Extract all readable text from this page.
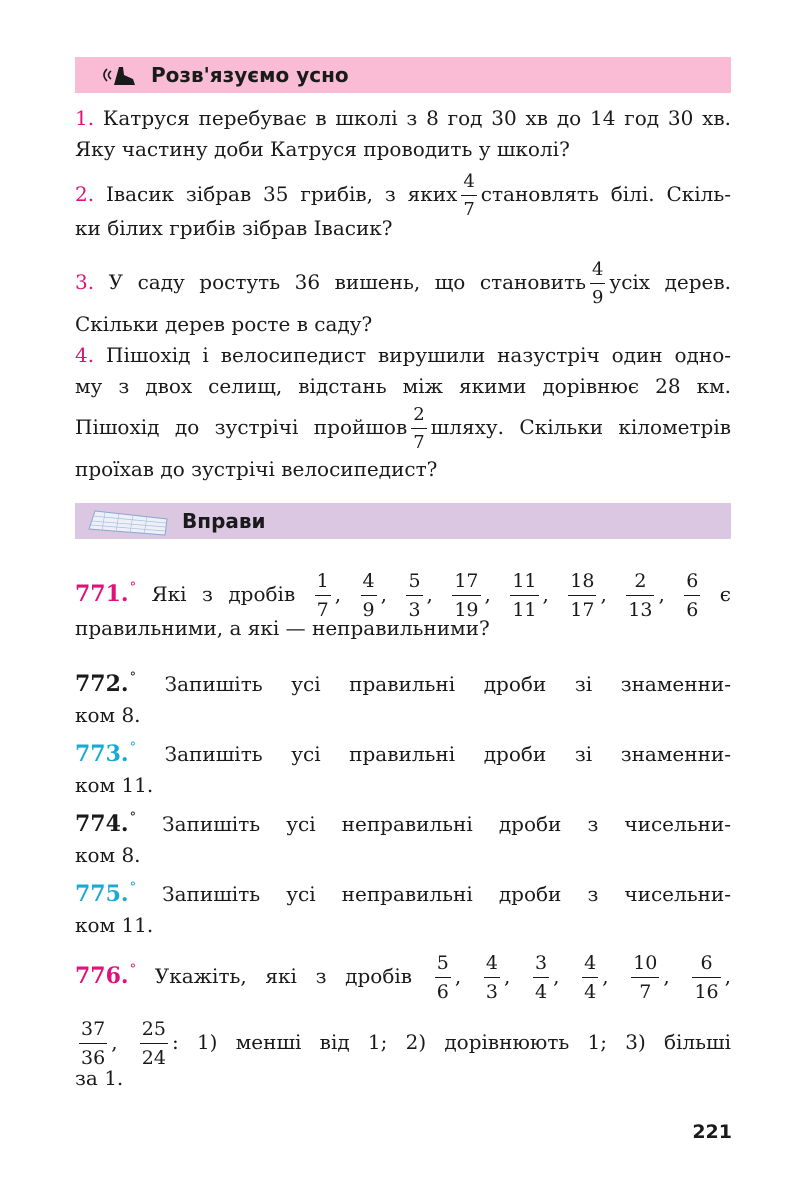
Розв'язуємо усно
1. Катруся перебуває в школі з 8 год 30 хв до 14 год 30 хв.
Яку частину доби Катруся проводить у школі?
2. Івасик зібрав 35 грибів, з яких $\frac{4}{7}$ становлять білі. Скіль-
ки білих грибів зібрав Івасик?
3. У саду ростуть 36 вишень, що становить $\frac{4}{9}$ усіх дерев.
Скільки дерев росте в саду?
4. Пішохід і велосипедист вирушили назустріч один одно-
му з двох селищ, відстань між якими дорівнює 28 км.
Пішохід до зустрічі пройшов $\frac{2}{7}$ шляху. Скільки кілометрів
проїхав до зустрічі велосипедист?
Вправи
771.° Які з дробів $\frac{1}{7}$ , $\frac{4}{9}$ , $\frac{5}{3}$ , $\frac{17}{19}$ , $\frac{11}{11}$ , $\frac{18}{17}$ , $\frac{2}{13}$ , $\frac{6}{6}$ є
правильними, а які — неправильними?
772.° Запишіть усі правильні дроби зі знаменни-
ком 8.
773.° Запишіть усі правильні дроби зі знаменни-
ком 11.
774.° Запишіть усі неправильні дроби з чисельни-
ком 8.
775.° Запишіть усі неправильні дроби з чисельни-
ком 11.
776.° Укажіть, які з дробів $\frac{5}{6}$ , $\frac{4}{3}$ , $\frac{3}{4}$ , $\frac{4}{4}$ , $\frac{10}{7}$ , $\frac{6}{16}$ ,
$\frac{37}{36}$ , $\frac{25}{24}$ : 1) менші від 1; 2) дорівнюють 1; 3) більші
за 1.
221
